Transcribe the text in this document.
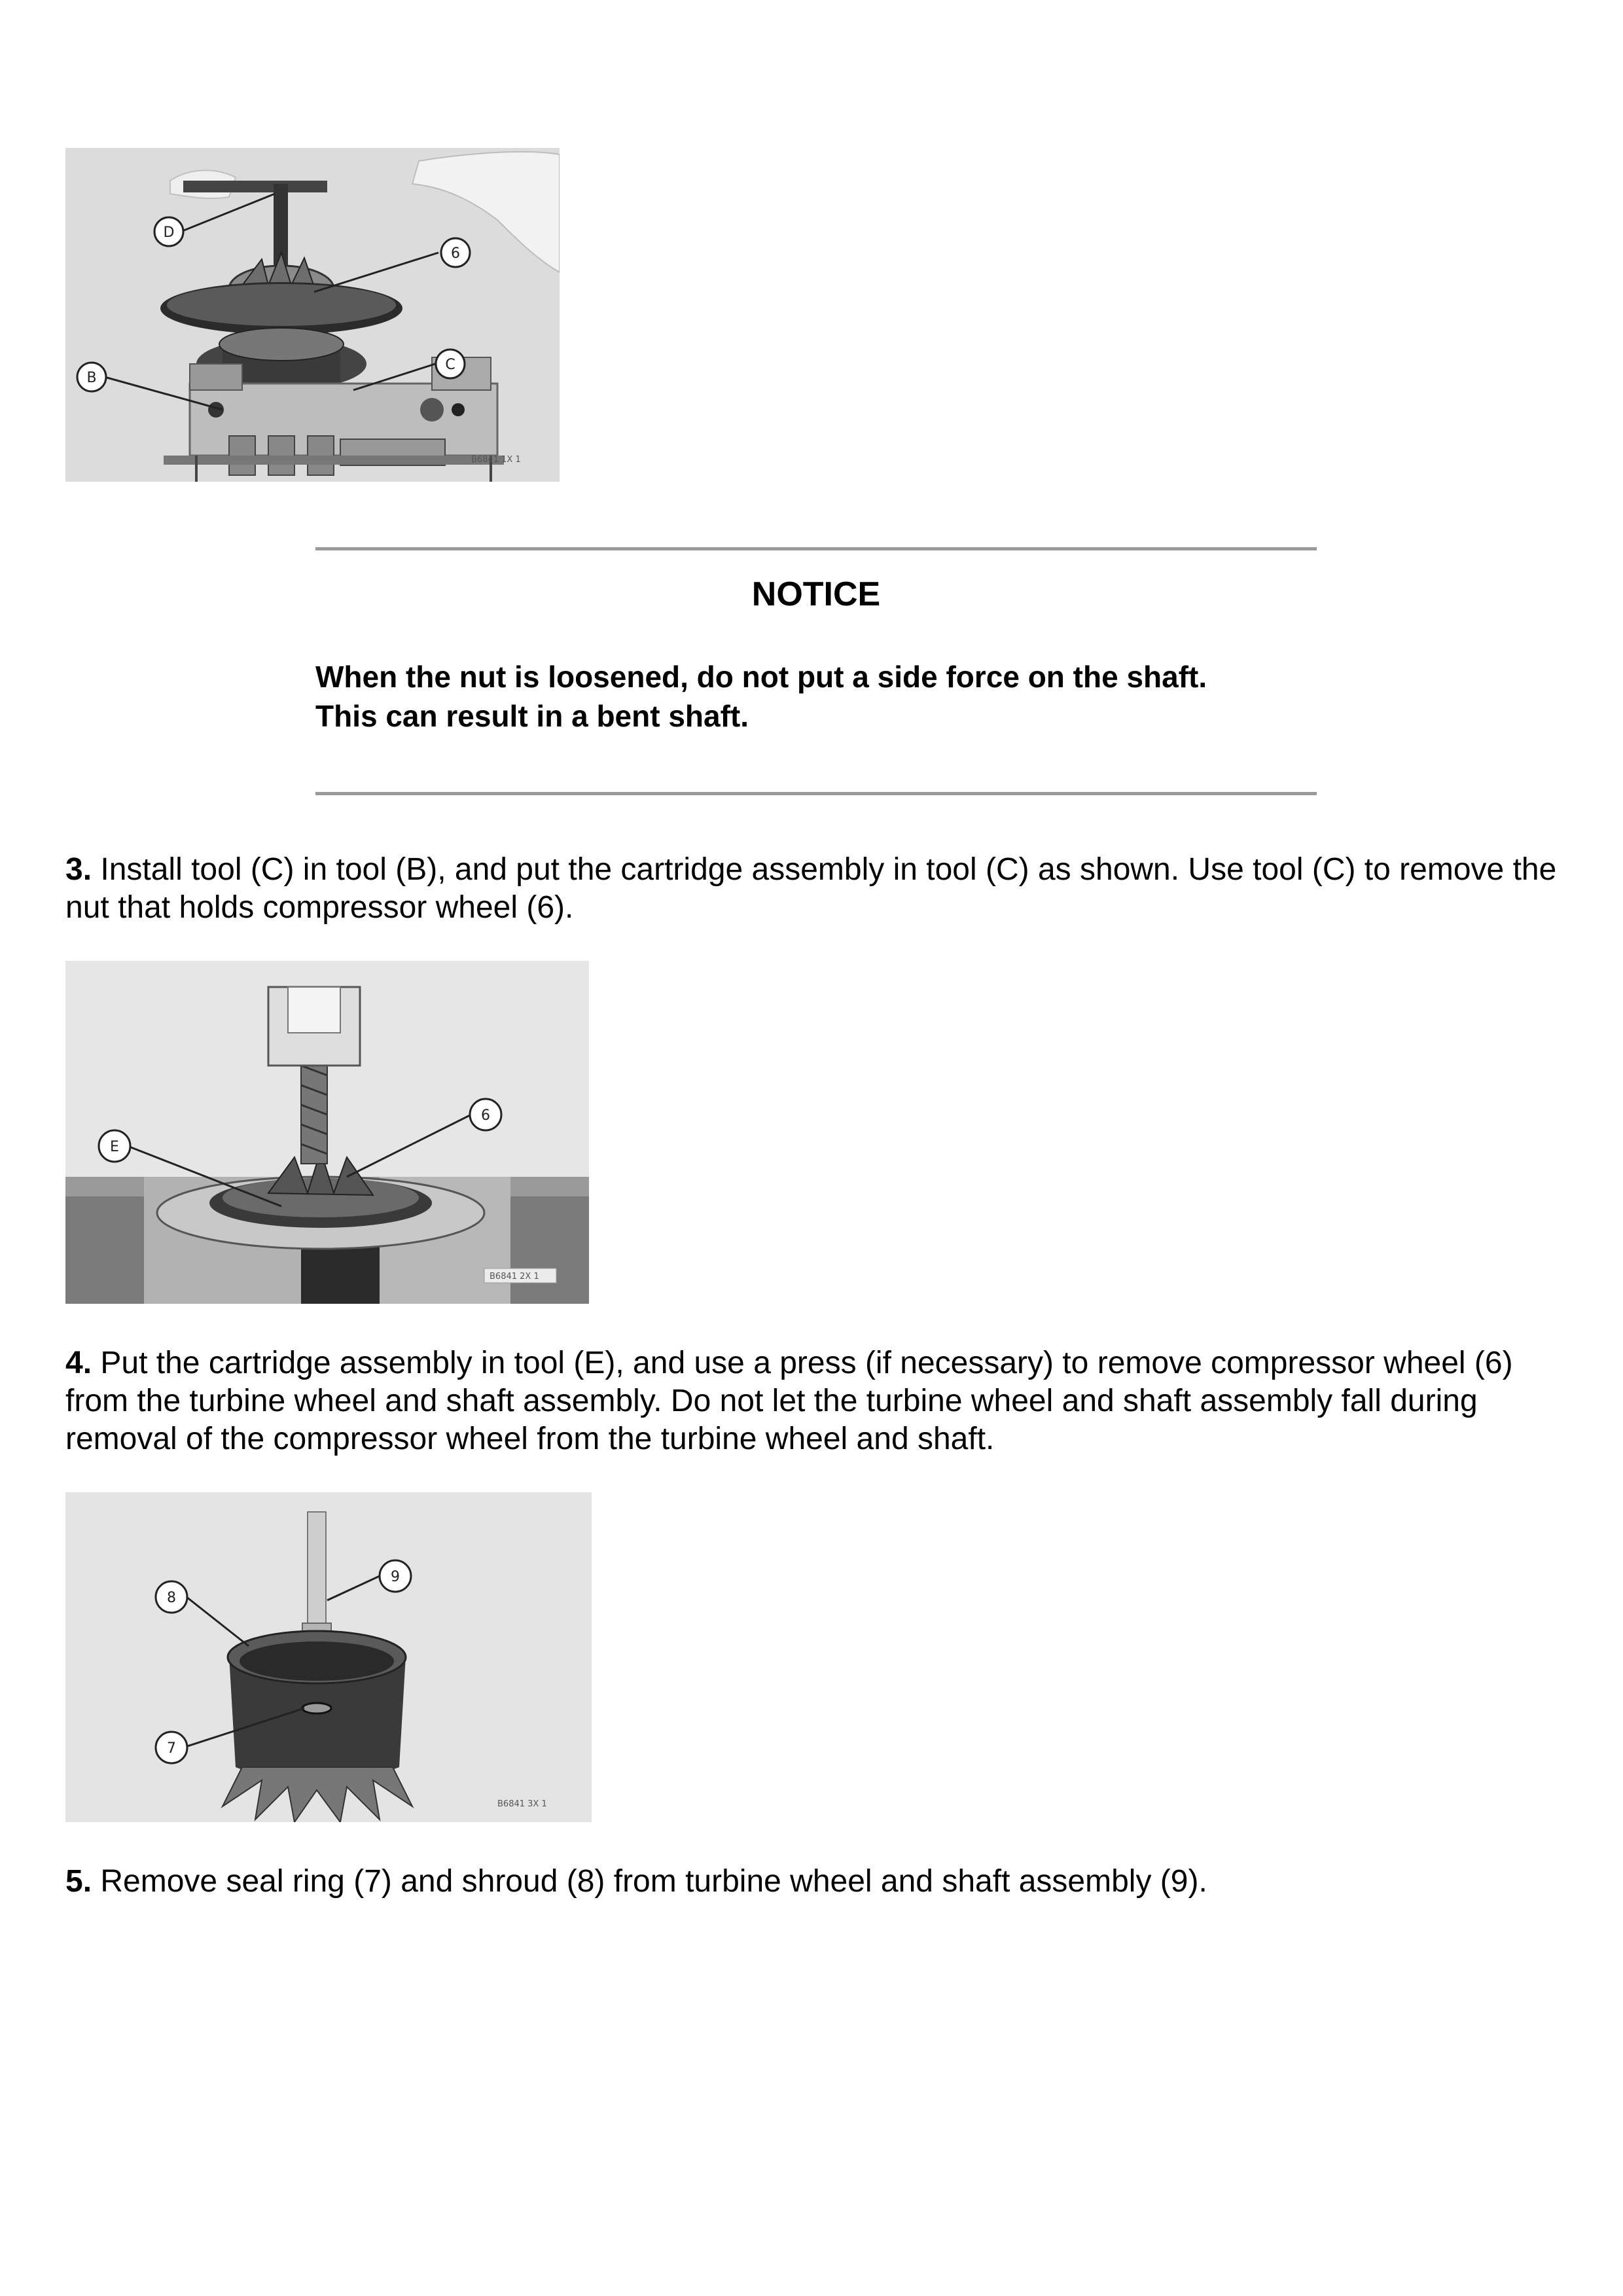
D
6
B
C
B6841 1X 1
NOTICE
When the nut is loosened, do not put a side force on the shaft.
This can result in a bent shaft.
3. Install tool (C) in tool (B), and put the cartridge assembly in tool (C) as shown. Use tool (C) to remove the nut that holds compressor wheel (6).
E
6
B6841 2X 1
4. Put the cartridge assembly in tool (E), and use a press (if necessary) to remove compressor wheel (6) from the turbine wheel and shaft assembly. Do not let the turbine wheel and shaft assembly fall during removal of the compressor wheel from the turbine wheel and shaft.
8
9
7
B6841 3X 1
5. Remove seal ring (7) and shroud (8) from turbine wheel and shaft assembly (9).
